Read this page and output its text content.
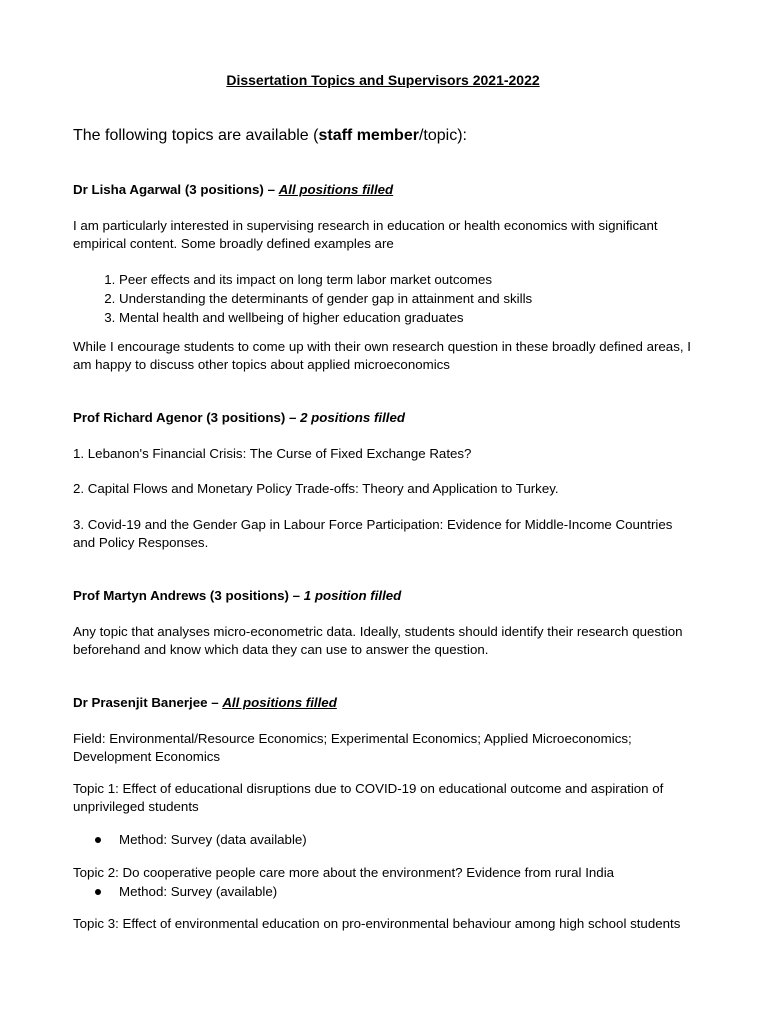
Dissertation Topics and Supervisors 2021-2022
The following topics are available (staff member/topic):
Dr Lisha Agarwal (3 positions) – All positions filled

I am particularly interested in supervising research in education or health economics with significant empirical content. Some broadly defined examples are

1. Peer effects and its impact on long term labor market outcomes
2. Understanding the determinants of gender gap in attainment and skills
3. Mental health and wellbeing of higher education graduates

While I encourage students to come up with their own research question in these broadly defined areas, I am happy to discuss other topics about applied microeconomics

Prof Richard Agenor (3 positions) – 2 positions filled

1. Lebanon's Financial Crisis: The Curse of Fixed Exchange Rates?

2. Capital Flows and Monetary Policy Trade-offs: Theory and Application to Turkey.

3. Covid-19 and the Gender Gap in Labour Force Participation: Evidence for Middle-Income Countries and Policy Responses.

Prof Martyn Andrews (3 positions) – 1 position filled

Any topic that analyses micro-econometric data. Ideally, students should identify their research question beforehand and know which data they can use to answer the question.

Dr Prasenjit Banerjee – All positions filled

Field: Environmental/Resource Economics; Experimental Economics; Applied Microeconomics; Development Economics

Topic 1: Effect of educational disruptions due to COVID-19 on educational outcome and aspiration of unprivileged students

Method: Survey (data available)

Topic 2: Do cooperative people care more about the environment? Evidence from rural India

Method: Survey (available)

Topic 3: Effect of environmental education on pro-environmental behaviour among high school students
